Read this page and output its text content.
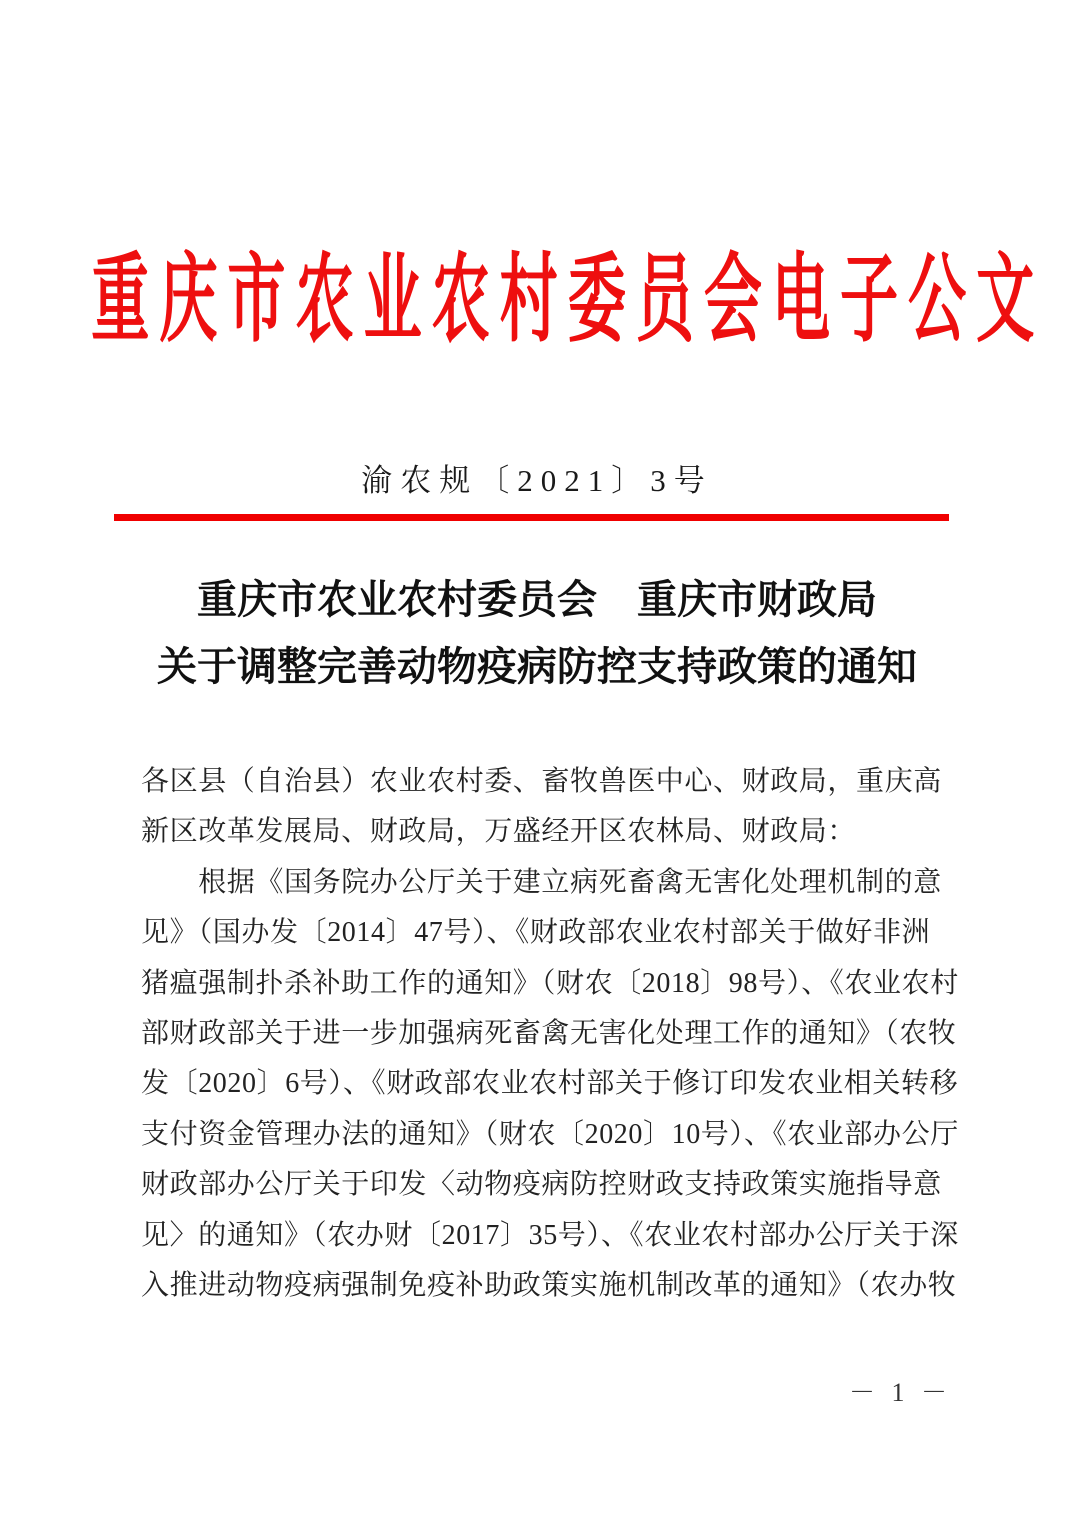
重庆市农业农村委员会电子公文
渝农规〔2021〕3号
重庆市农业农村委员会　重庆市财政局
关于调整完善动物疫病防控支持政策的通知
各区县（自治县）农业农村委、畜牧兽医中心、财政局，重庆高
新区改革发展局、财政局，万盛经开区农林局、财政局：
　　根据《国务院办公厅关于建立病死畜禽无害化处理机制的意
见》（国办发〔2014〕47号）、《财政部农业农村部关于做好非洲
猪瘟强制扑杀补助工作的通知》（财农〔2018〕98号）、《农业农村
部财政部关于进一步加强病死畜禽无害化处理工作的通知》（农牧
发〔2020〕6号）、《财政部农业农村部关于修订印发农业相关转移
支付资金管理办法的通知》（财农〔2020〕10号）、《农业部办公厅
财政部办公厅关于印发〈动物疫病防控财政支持政策实施指导意
见〉的通知》（农办财〔2017〕35号）、《农业农村部办公厅关于深
入推进动物疫病强制免疫补助政策实施机制改革的通知》（农办牧
－ 1 －
